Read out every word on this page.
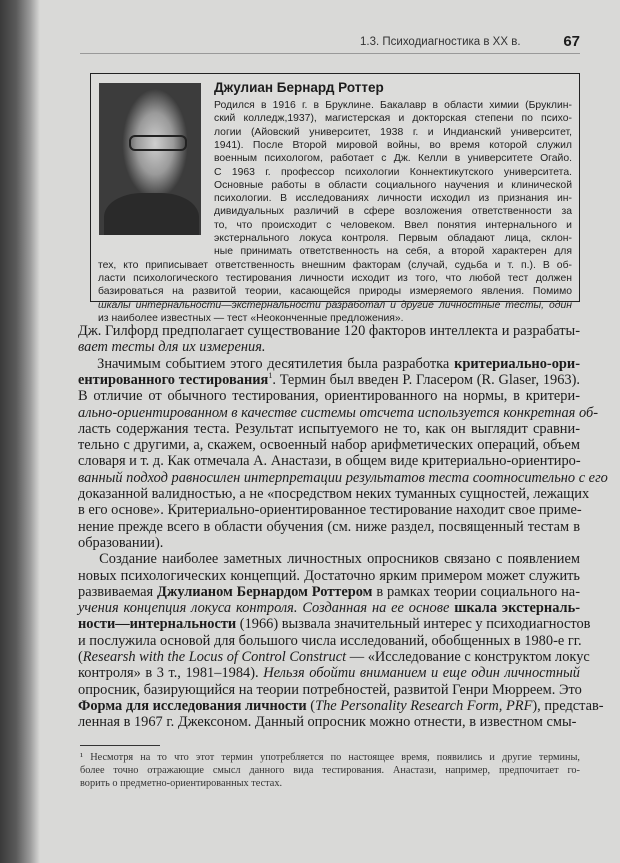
1.3. Психодиагностика в XX в.	67
Джулиан Бернард Роттер
Родился в 1916 г. в Бруклине. Бакалавр в области химии (Бруклин-
ский колледж,1937), магистерская и докторская степени по психо-
логии (Айовский университет, 1938 г. и Индианский университет,
1941). После Второй мировой войны, во время которой служил
военным психологом, работает с Дж. Келли в университете Огайо.
С 1963 г. профессор психологии Коннектикутского университета.
Основные работы в области социального научения и клинической
психологии. В исследованиях личности исходил из признания ин-
дивидуальных различий в сфере возложения ответственности за
то, что происходит с человеком. Ввел понятия интернального и
экстернального локуса контроля. Первым обладают лица, склон-
ные принимать ответственность на себя, а второй характерен для
тех, кто приписывает ответственность внешним факторам (случай, судьба и т. п.). В об-
ласти психологического тестирования личности исходит из того, что любой тест должен
базироваться на развитой теории, касающейся природы измеряемого явления. Помимо
шкалы интернальности—экстернальности разработал и другие личностные тесты, один
из наиболее известных — тест «Неоконченные предложения».
Дж. Гилфорд предполагает существование 120 факторов интеллекта и разрабаты-
вает тесты для их измерения.
Значимым событием этого десятилетия была разработка критериально-ори-
ентированного тестирования$^1$. Термин был введен Р. Гласером (R. Glaser, 1963).
В отличие от обычного тестирования, ориентированного на нормы, в критери-
ально-ориентированном в качестве системы отсчета используется конкретная об-
ласть содержания теста. Результат испытуемого не то, как он выглядит сравни-
тельно с другими, а, скажем, освоенный набор арифметических операций, объем
словаря и т. д. Как отмечала А. Анастази, в общем виде критериально-ориентиро-
ванный подход равносилен интерпретации результатов теста соотносительно с его
доказанной валидностью, а не «посредством неких туманных сущностей, лежащих
в его основе». Критериально-ориентированное тестирование находит свое приме-
нение прежде всего в области обучения (см. ниже раздел, посвященный тестам в
образовании).
Создание наиболее заметных личностных опросников связано с появлением
новых психологических концепций. Достаточно ярким примером может служить
развиваемая Джулианом Бернардом Роттером в рамках теории социального на-
учения концепция локуса контроля. Созданная на ее основе шкала экстерналь-
ности—интернальности (1966) вызвала значительный интерес у психодиагностов
и послужила основой для большого числа исследований, обобщенных в 1980-е гг.
(Researsh with the Locus of Control Construct — «Исследование с конструктом локус
контроля» в 3 т., 1981–1984). Нельзя обойти вниманием и еще один личностный
опросник, базирующийся на теории потребностей, развитой Генри Мюрреем. Это
Форма для исследования личности (The Personality Research Form, PRF), представ-
ленная в 1967 г. Джексоном. Данный опросник можно отнести, в известном смы-
¹ Несмотря на то что этот термин употребляется по настоящее время, появились и другие термины,
более точно отражающие смысл данного вида тестирования. Анастази, например, предпочитает го-
ворить о предметно-ориентированных тестах.
